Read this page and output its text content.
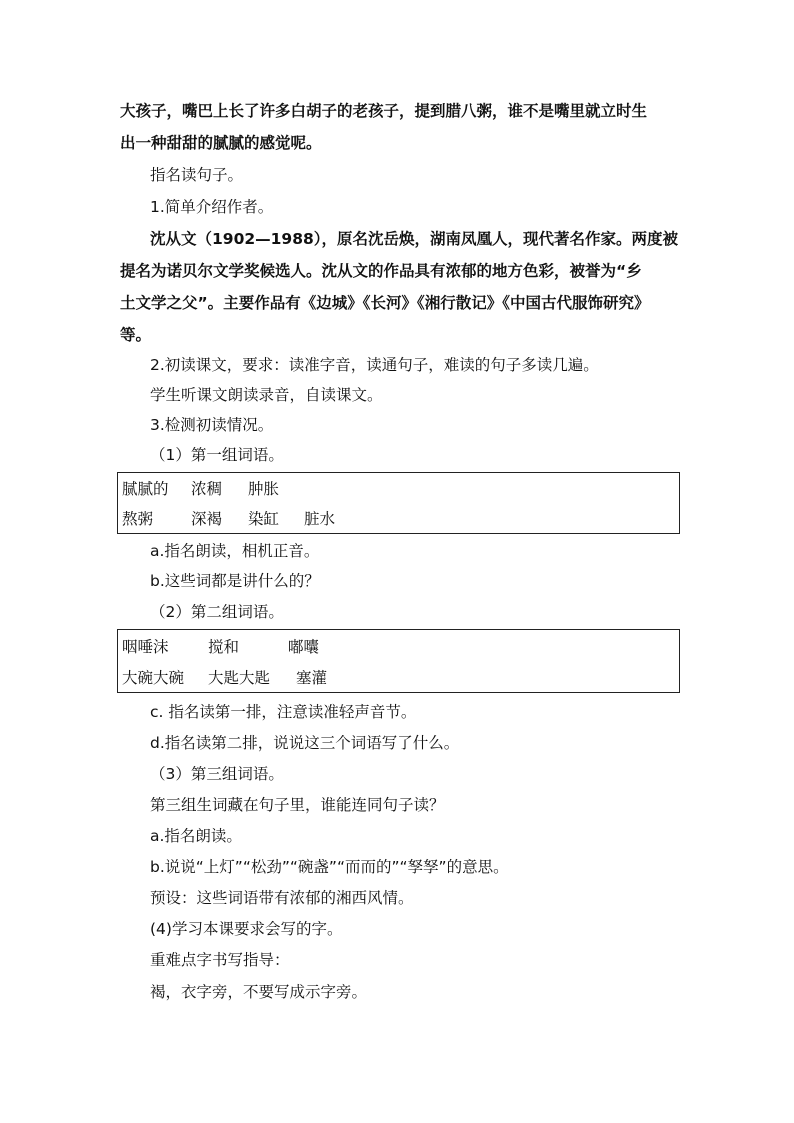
大孩子，嘴巴上长了许多白胡子的老孩子，提到腊八粥，谁不是嘴里就立时生
出一种甜甜的腻腻的感觉呢。
指名读句子。
1.简单介绍作者。
沈从文（1902—1988），原名沈岳焕，湖南凤凰人，现代著名作家。两度被
提名为诺贝尔文学奖候选人。沈从文的作品具有浓郁的地方色彩，被誉为“乡
土文学之父”。主要作品有《边城》《长河》《湘行散记》《中国古代服饰研究》
等。
2.初读课文，要求：读准字音，读通句子，难读的句子多读几遍。
学生听课文朗读录音，自读课文。
3.检测初读情况。
（1）第一组词语。
腻腻的 浓稠 肿胀
熬粥 深褐 染缸 脏水
a.指名朗读，相机正音。
b.这些词都是讲什么的？
（2）第二组词语。
咽唾沫	搅和	嘟囔
大碗大碗 大匙大匙 塞灌
c. 指名读第一排，注意读准轻声音节。
d.指名读第二排，说说这三个词语写了什么。
（3）第三组词语。
第三组生词藏在句子里，谁能连同句子读？
a.指名朗读。
b.说说“上灯”“松劲”“碗盏”“而而的”“孥孥”的意思。
预设：这些词语带有浓郁的湘西风情。
(4)学习本课要求会写的字。
重难点字书写指导：
褐，衣字旁，不要写成示字旁。
